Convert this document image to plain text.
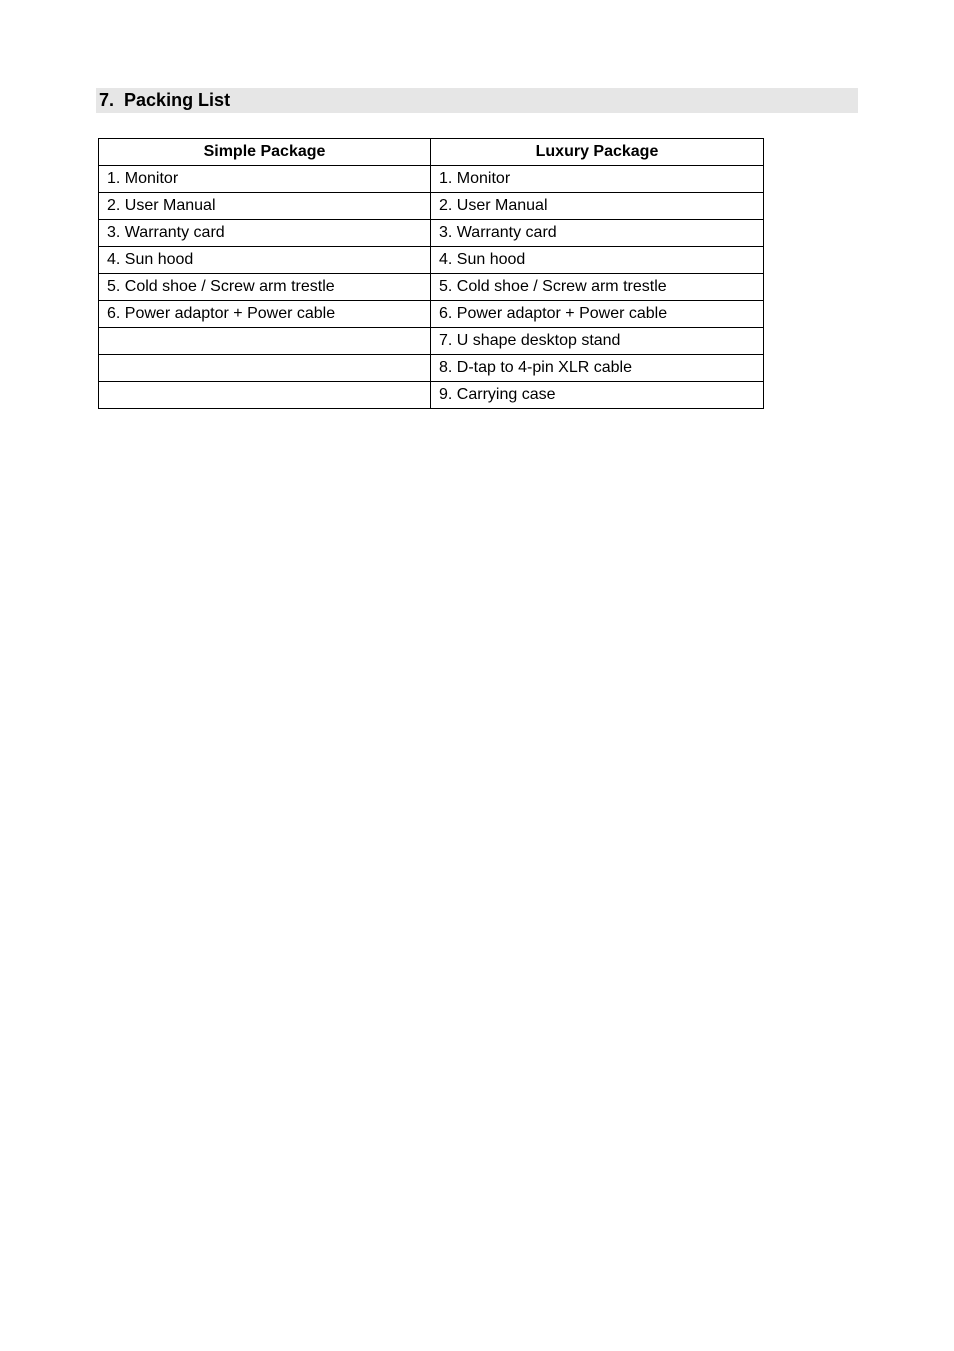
7. Packing List
Simple Package	Luxury Package
1. Monitor	1. Monitor
2. User Manual	2. User Manual
3. Warranty card	3. Warranty card
4. Sun hood	4. Sun hood
5. Cold shoe / Screw arm trestle	5. Cold shoe / Screw arm trestle
6. Power adaptor + Power cable	6. Power adaptor + Power cable
	7. U shape desktop stand
	8. D-tap to 4-pin XLR cable
	9. Carrying case
